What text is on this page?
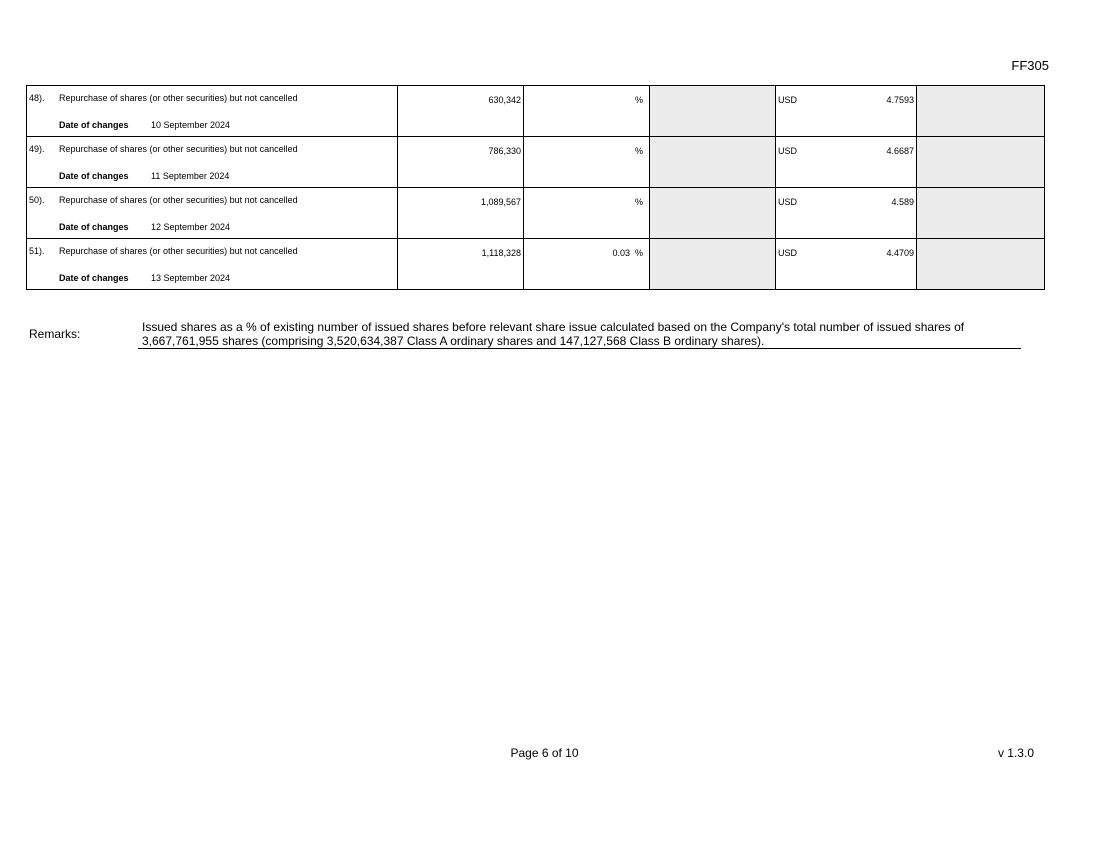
FF305
48). Repurchase of shares (or other securities) but not cancelled
Date of changes 10 September 2024
630,342	%	USD	4.7593
49). Repurchase of shares (or other securities) but not cancelled
Date of changes 11 September 2024
786,330	%	USD	4.6687
50). Repurchase of shares (or other securities) but not cancelled
Date of changes 12 September 2024
1,089,567	%	USD	4.589
51). Repurchase of shares (or other securities) but not cancelled
Date of changes 13 September 2024
1,118,328	0.03 %	USD	4.4709
Remarks:	Issued shares as a % of existing number of issued shares before relevant share issue calculated based on the Company's total number of issued shares of
3,667,761,955 shares (comprising 3,520,634,387 Class A ordinary shares and 147,127,568 Class B ordinary shares).
Page 6 of 10	v 1.3.0
